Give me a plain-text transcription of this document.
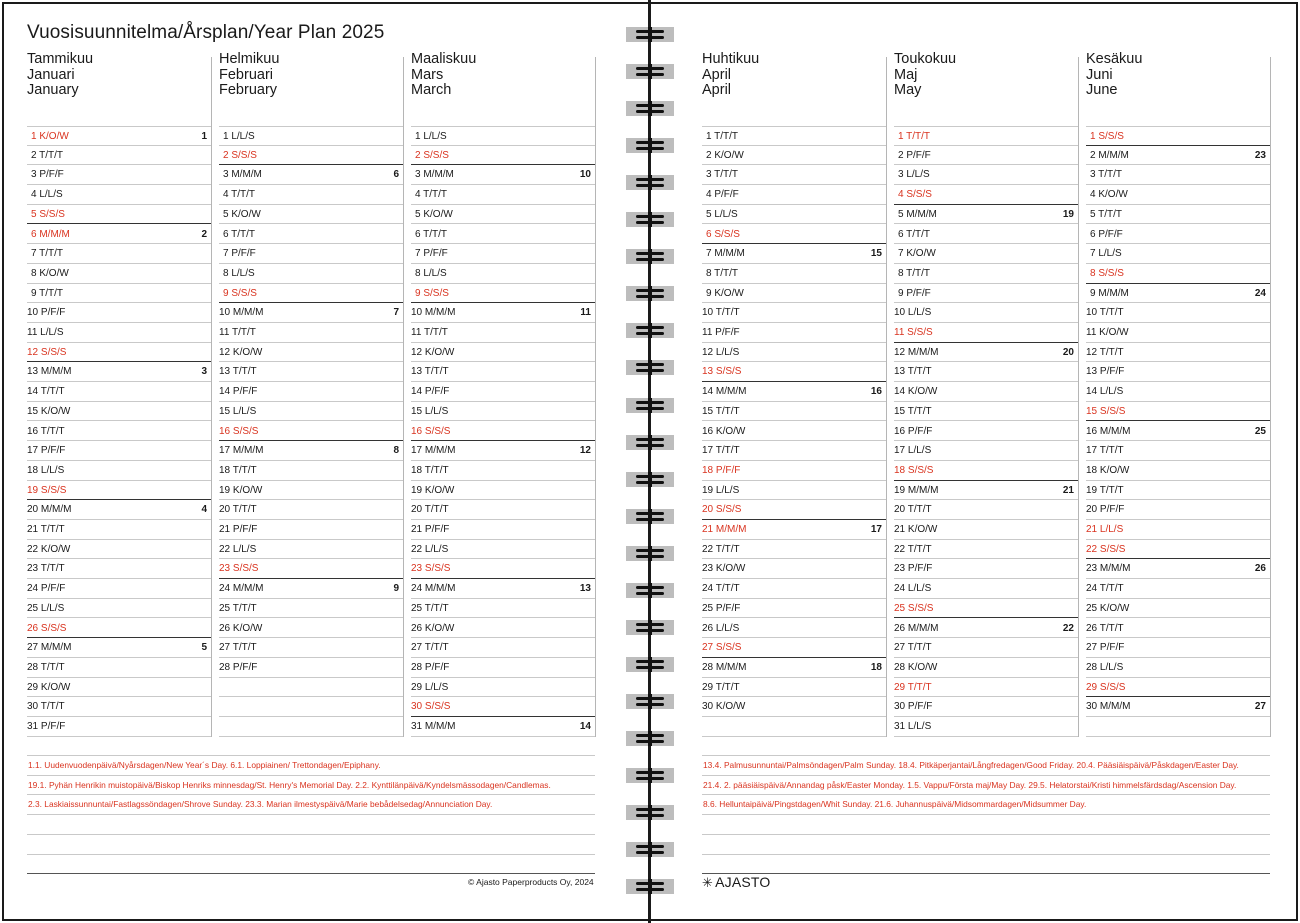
Vuosisuunnitelma/Årsplan/Year Plan 2025
Tammikuu
Januari
January
1 K/O/W	1
2 T/T/T
3 P/F/F
4 L/L/S
5 S/S/S
6 M/M/M	2
7 T/T/T
8 K/O/W
9 T/T/T
10 P/F/F
11 L/L/S
12 S/S/S
13 M/M/M	3
14 T/T/T
15 K/O/W
16 T/T/T
17 P/F/F
18 L/L/S
19 S/S/S
20 M/M/M	4
21 T/T/T
22 K/O/W
23 T/T/T
24 P/F/F
25 L/L/S
26 S/S/S
27 M/M/M	5
28 T/T/T
29 K/O/W
30 T/T/T
31 P/F/F
Helmikuu
Februari
February
1 L/L/S
2 S/S/S
3 M/M/M	6
4 T/T/T
5 K/O/W
6 T/T/T
7 P/F/F
8 L/L/S
9 S/S/S
10 M/M/M	7
11 T/T/T
12 K/O/W
13 T/T/T
14 P/F/F
15 L/L/S
16 S/S/S
17 M/M/M	8
18 T/T/T
19 K/O/W
20 T/T/T
21 P/F/F
22 L/L/S
23 S/S/S
24 M/M/M	9
25 T/T/T
26 K/O/W
27 T/T/T
28 P/F/F
Maaliskuu
Mars
March
1 L/L/S
2 S/S/S
3 M/M/M	10
4 T/T/T
5 K/O/W
6 T/T/T
7 P/F/F
8 L/L/S
9 S/S/S
10 M/M/M	11
11 T/T/T
12 K/O/W
13 T/T/T
14 P/F/F
15 L/L/S
16 S/S/S
17 M/M/M	12
18 T/T/T
19 K/O/W
20 T/T/T
21 P/F/F
22 L/L/S
23 S/S/S
24 M/M/M	13
25 T/T/T
26 K/O/W
27 T/T/T
28 P/F/F
29 L/L/S
30 S/S/S
31 M/M/M	14
1.1. Uudenvuodenpäivä/Nyårsdagen/New Year´s Day. 6.1. Loppiainen/ Trettondagen/Epiphany.
19.1. Pyhän Henrikin muistopäivä/Biskop Henriks minnesdag/St. Henry's Memorial Day. 2.2. Kynttilänpäivä/Kyndelsmässodagen/Candlemas.
2.3. Laskiaissunnuntai/Fastlagssöndagen/Shrove Sunday. 23.3. Marian ilmestyspäivä/Marie bebådelsedag/Annunciation Day.
Huhtikuu
April
April
1 T/T/T
2 K/O/W
3 T/T/T
4 P/F/F
5 L/L/S
6 S/S/S
7 M/M/M	15
8 T/T/T
9 K/O/W
10 T/T/T
11 P/F/F
12 L/L/S
13 S/S/S
14 M/M/M	16
15 T/T/T
16 K/O/W
17 T/T/T
18 P/F/F
19 L/L/S
20 S/S/S
21 M/M/M	17
22 T/T/T
23 K/O/W
24 T/T/T
25 P/F/F
26 L/L/S
27 S/S/S
28 M/M/M	18
29 T/T/T
30 K/O/W
Toukokuu
Maj
May
1 T/T/T
2 P/F/F
3 L/L/S
4 S/S/S
5 M/M/M	19
6 T/T/T
7 K/O/W
8 T/T/T
9 P/F/F
10 L/L/S
11 S/S/S
12 M/M/M	20
13 T/T/T
14 K/O/W
15 T/T/T
16 P/F/F
17 L/L/S
18 S/S/S
19 M/M/M	21
20 T/T/T
21 K/O/W
22 T/T/T
23 P/F/F
24 L/L/S
25 S/S/S
26 M/M/M	22
27 T/T/T
28 K/O/W
29 T/T/T
30 P/F/F
31 L/L/S
Kesäkuu
Juni
June
1 S/S/S
2 M/M/M	23
3 T/T/T
4 K/O/W
5 T/T/T
6 P/F/F
7 L/L/S
8 S/S/S
9 M/M/M	24
10 T/T/T
11 K/O/W
12 T/T/T
13 P/F/F
14 L/L/S
15 S/S/S
16 M/M/M	25
17 T/T/T
18 K/O/W
19 T/T/T
20 P/F/F
21 L/L/S
22 S/S/S
23 M/M/M	26
24 T/T/T
25 K/O/W
26 T/T/T
27 P/F/F
28 L/L/S
29 S/S/S
30 M/M/M	27
13.4. Palmusunnuntai/Palmsöndagen/Palm Sunday. 18.4. Pitkäperjantai/Långfredagen/Good Friday. 20.4. Pääsiäispäivä/Påskdagen/Easter Day.
21.4. 2. pääsiäispäivä/Annandag påsk/Easter Monday. 1.5. Vappu/Första maj/May Day. 29.5. Helatorstai/Kristi himmelsfärdsdag/Ascension Day.
8.6. Helluntaipäivä/Pingstdagen/Whit Sunday. 21.6. Juhannuspäivä/Midsommardagen/Midsummer Day.
© Ajasto Paperproducts Oy, 2024	✳ AJASTO
